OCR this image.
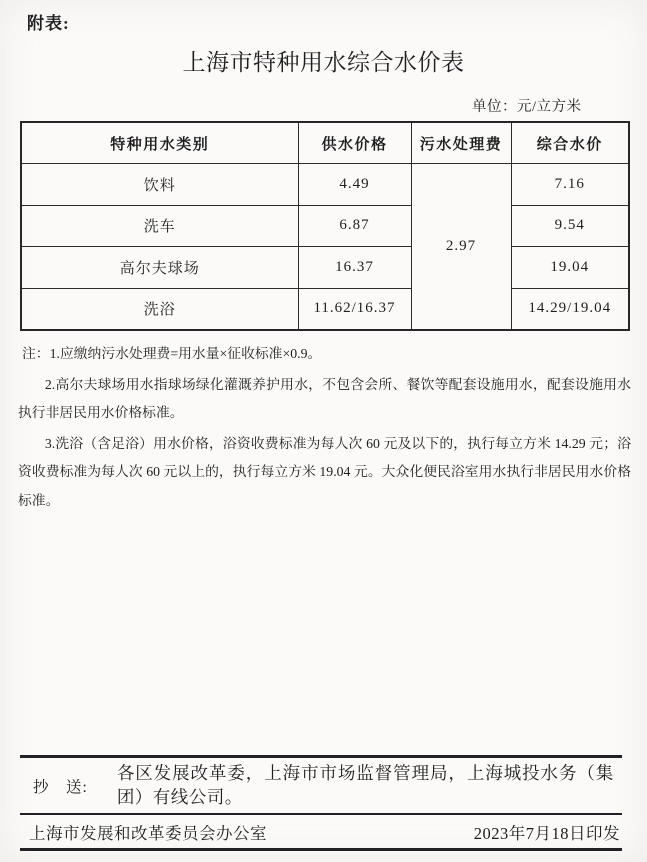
附表:
上海市特种用水综合水价表
单位：元/立方米
特种用水类别	供水价格	污水处理费	综合水价
饮料	4.49	2.97	7.16
洗车	6.87		9.54
高尔夫球场	16.37		19.04
洗浴	11.62/16.37		14.29/19.04

注：1.应缴纳污水处理费=用水量×征收标准×0.9。

2.高尔夫球场用水指球场绿化灌溉养护用水，不包含会所、餐饮等配套设施用水，配套设施用水执行非居民用水价格标准。

3.洗浴（含足浴）用水价格，浴资收费标准为每人次 60 元及以下的，执行每立方米 14.29 元；浴资收费标准为每人次 60 元以上的，执行每立方米 19.04 元。大众化便民浴室用水执行非居民用水价格标准。

抄　送:
各区发展改革委，上海市市场监督管理局，上海城投水务（集团）有线公司。
上海市发展和改革委员会办公室	2023年7月18日印发
